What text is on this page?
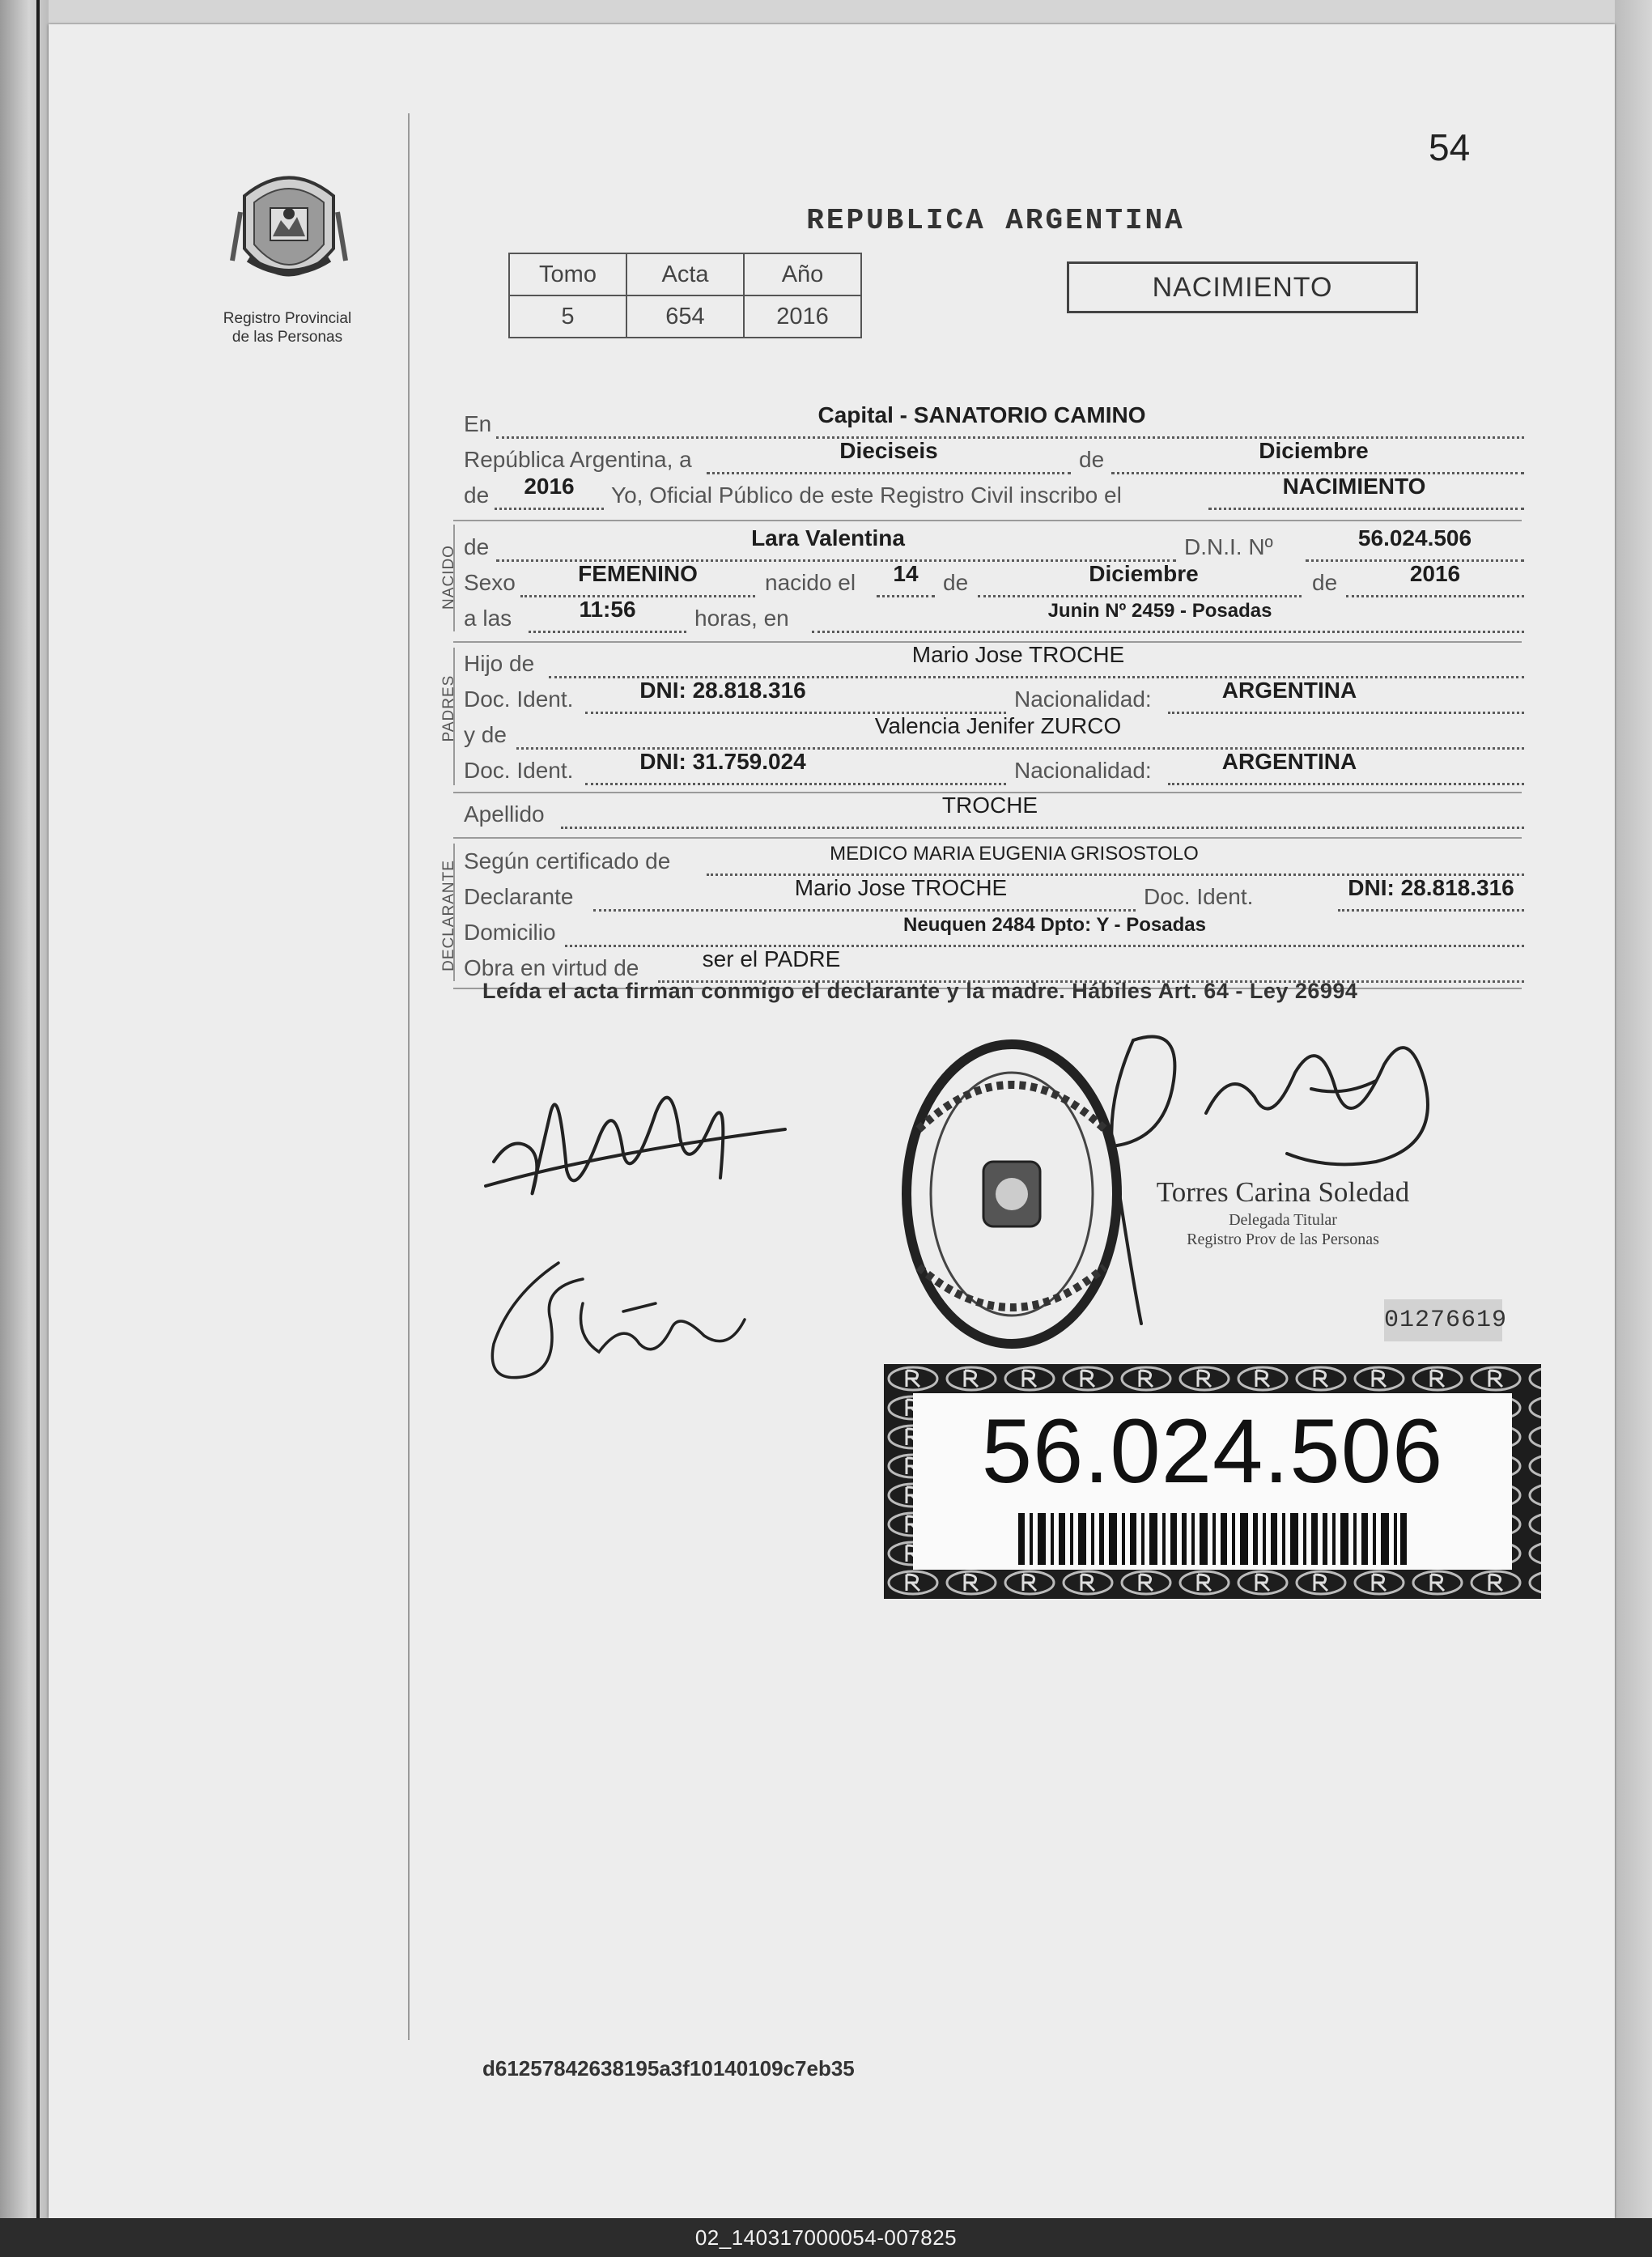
54
Registro Provincial
de las Personas
REPUBLICA ARGENTINA
Tomo	Acta	Año
5	654	2016
NACIMIENTO
En	Capital - SANATORIO CAMINO
República Argentina, a	Dieciseis	de	Diciembre
de	2016	Yo, Oficial Público de este Registro Civil inscribo el	NACIMIENTO
NACIDO de	Lara Valentina	D.N.I. Nº	56.024.506
Sexo	FEMENINO	nacido el	14	de	Diciembre	de	2016
a las	11:56	horas, en	Junin Nº 2459 - Posadas
PADRES
Hijo de	Mario Jose TROCHE
Doc. Ident.	DNI: 28.818.316	Nacionalidad:	ARGENTINA
y de	Valencia Jenifer ZURCO
Doc. Ident.	DNI: 31.759.024	Nacionalidad:	ARGENTINA
Apellido	TROCHE
DECLARANTE Según certificado de	MEDICO MARIA EUGENIA GRISOSTOLO
Declarante	Mario Jose TROCHE	Doc. Ident.	DNI: 28.818.316
Domicilio	Neuquen 2484 Dpto: Y - Posadas
Obra en virtud de	ser el PADRE
Leída el acta firman conmigo el declarante y la madre. Hábiles Art. 64 - Ley 26994
Torres Carina Soledad
Delegada Titular
Registro Prov de las Personas
01276619
56.024.506
d61257842638195a3f10140109c7eb35
02_140317000054-007825
